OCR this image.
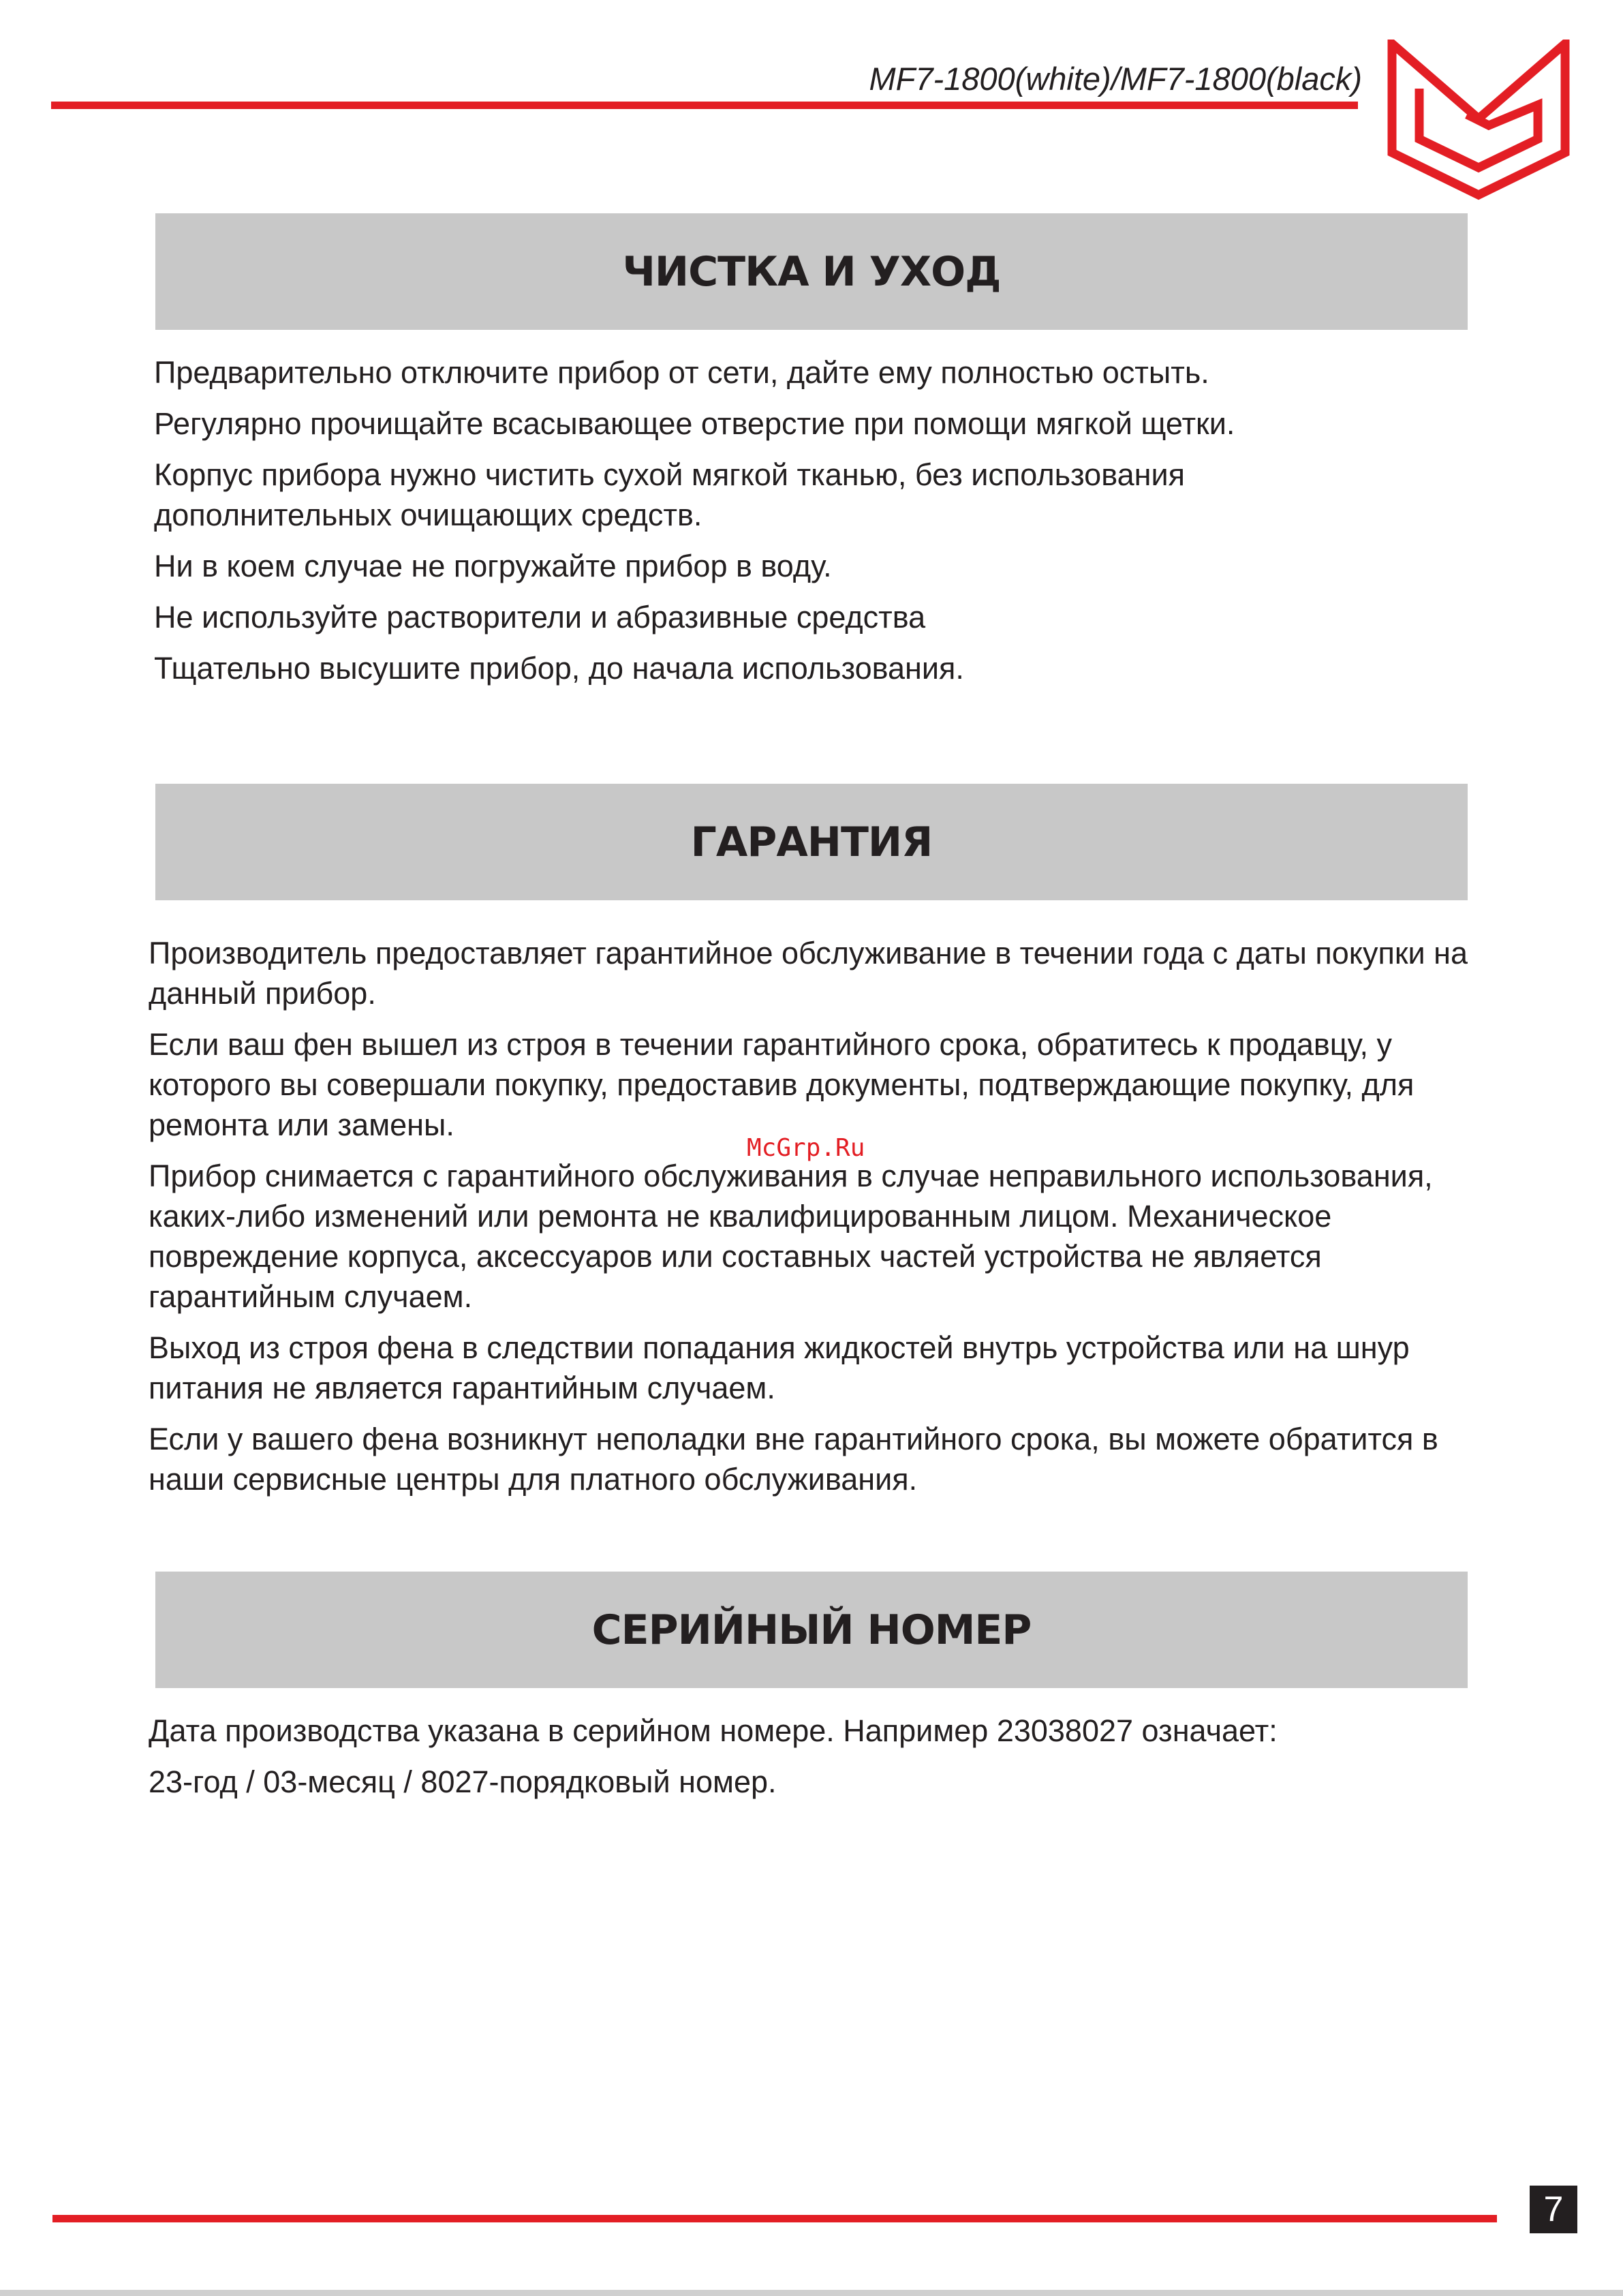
MF7-1800(white)/MF7-1800(black)
ЧИСТКА И УХОД

Предварительно отключите прибор от сети, дайте ему полностью остыть.

Регулярно прочищайте всасывающее отверстие при помощи мягкой щетки.

Корпус прибора нужно чистить сухой мягкой тканью, без использования дополнительных очищающих средств.

Ни в коем случае не погружайте прибор в воду.

Не используйте растворители и абразивные средства

Тщательно высушите прибор, до начала использования.

ГАРАНТИЯ

Производитель предоставляет гарантийное обслуживание в течении года с даты покупки на данный прибор.

Если ваш фен вышел из строя в течении гарантийного срока, обратитесь к продавцу, у которого вы совершали покупку, предоставив документы, подтверждающие покупку, для ремонта или замены.

Прибор снимается с гарантийного обслуживания в случае неправильного использования, каких-либо изменений или ремонта не квалифицированным лицом. Механическое повреждение корпуса, аксессуаров или составных частей устройства не является гарантийным случаем.

Выход из строя фена в следствии попадания жидкостей внутрь устройства или на шнур питания не является гарантийным случаем.

Если у вашего фена возникнут неполадки вне гарантийного срока, вы можете обратится в наши сервисные центры для платного обслуживания.

McGrp.Ru
СЕРИЙНЫЙ НОМЕР

Дата производства указана в серийном номере. Например 23038027 означает:

23-год / 03-месяц / 8027-порядковый номер.

7
